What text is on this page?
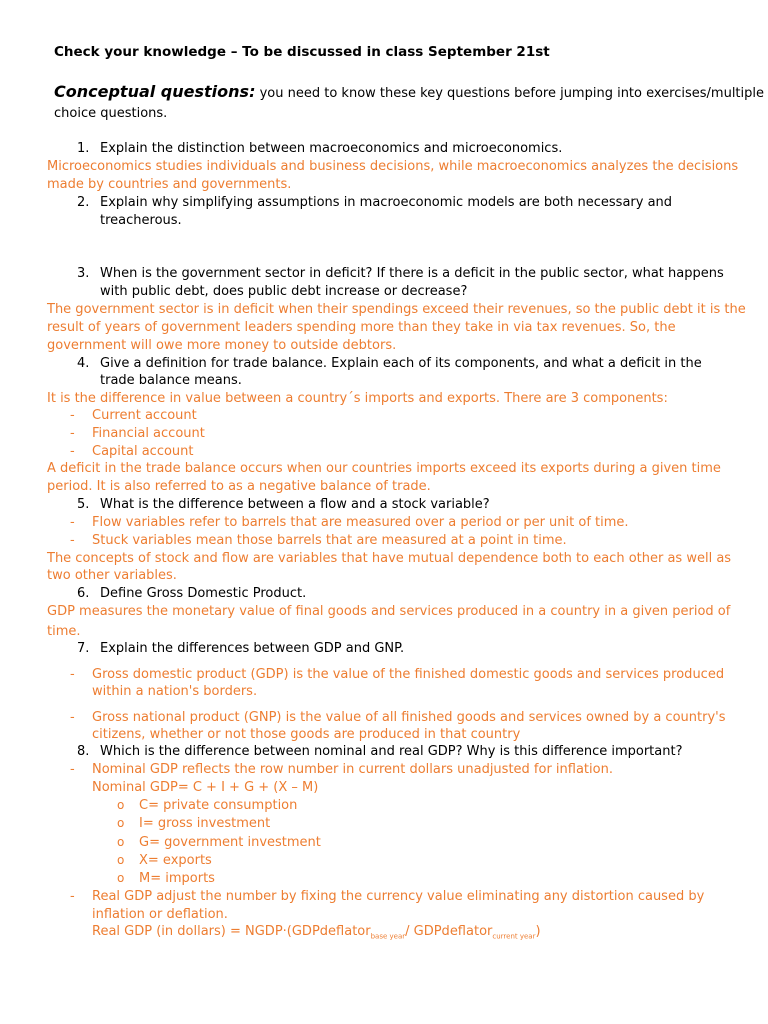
Check your knowledge – To be discussed in class September 21st
Conceptual questions: you need to know these key questions before jumping into exercises/multiple
choice questions.
1. Explain the distinction between macroeconomics and microeconomics.
Microeconomics studies individuals and business decisions, while macroeconomics analyzes the decisions
made by countries and governments.
2. Explain why simplifying assumptions in macroeconomic models are both necessary and
treacherous.
3. When is the government sector in deficit? If there is a deficit in the public sector, what happens
with public debt, does public debt increase or decrease?
The government sector is in deficit when their spendings exceed their revenues, so the public debt it is the
result of years of government leaders spending more than they take in via tax revenues. So, the
government will owe more money to outside debtors.
4. Give a definition for trade balance. Explain each of its components, and what a deficit in the
trade balance means.
It is the difference in value between a country´s imports and exports. There are 3 components:
- Current account
- Financial account
- Capital account
A deficit in the trade balance occurs when our countries imports exceed its exports during a given time
period. It is also referred to as a negative balance of trade.
5. What is the difference between a flow and a stock variable?
- Flow variables refer to barrels that are measured over a period or per unit of time.
- Stuck variables mean those barrels that are measured at a point in time.
The concepts of stock and flow are variables that have mutual dependence both to each other as well as
two other variables.
6. Define Gross Domestic Product.
GDP measures the monetary value of final goods and services produced in a country in a given period of
time.
7. Explain the differences between GDP and GNP.
- Gross domestic product (GDP) is the value of the finished domestic goods and services produced
within a nation's borders.
- Gross national product (GNP) is the value of all finished goods and services owned by a country's
citizens, whether or not those goods are produced in that country
8. Which is the difference between nominal and real GDP? Why is this difference important?
- Nominal GDP reflects the row number in current dollars unadjusted for inflation.
Nominal GDP= C + I + G + (X – M)
o C= private consumption
o I= gross investment
o G= government investment
o X= exports
o M= imports
- Real GDP adjust the number by fixing the currency value eliminating any distortion caused by
inflation or deflation.
Real GDP (in dollars) = NGDP·(GDPdeflator$_{base year}$/ GDPdeflator$_{current year}$)
